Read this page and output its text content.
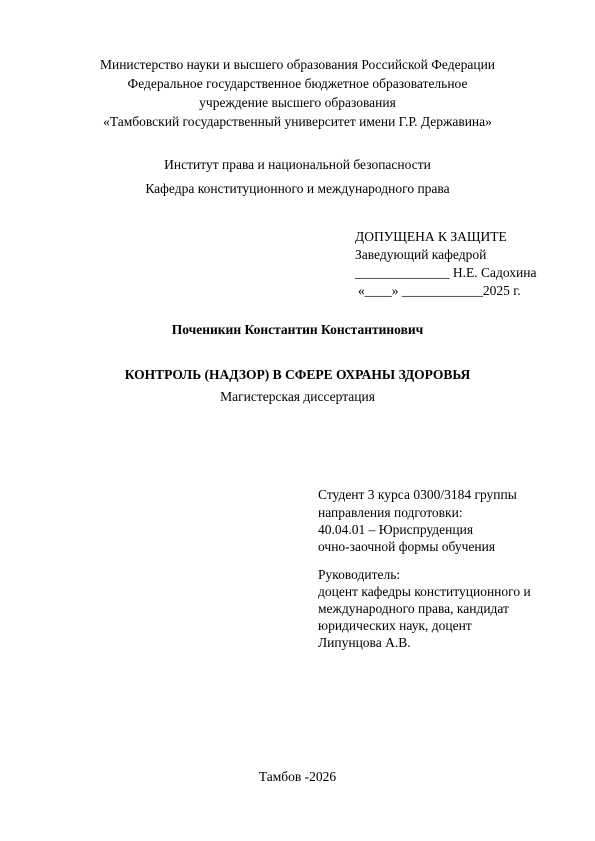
Министерство науки и высшего образования Российской Федерации
Федеральное государственное бюджетное образовательное
учреждение высшего образования
«Тамбовский государственный университет имени Г.Р. Державина»
Институт права и национальной безопасности
Кафедра конституционного и международного права
ДОПУЩЕНА К ЗАЩИТЕ
Заведующий кафедрой
______________ Н.Е. Садохина
«____» ____________2025 г.
Поченикин Константин Константинович
КОНТРОЛЬ (НАДЗОР) В СФЕРЕ ОХРАНЫ ЗДОРОВЬЯ
Магистерская диссертация
Студент 3 курса 0300/3184 группы
направления подготовки:
40.04.01 – Юриспруденция
очно-заочной формы обучения
Руководитель:
доцент кафедры конституционного и
международного права, кандидат
юридических наук, доцент
Липунцова А.В.
Тамбов -2026
